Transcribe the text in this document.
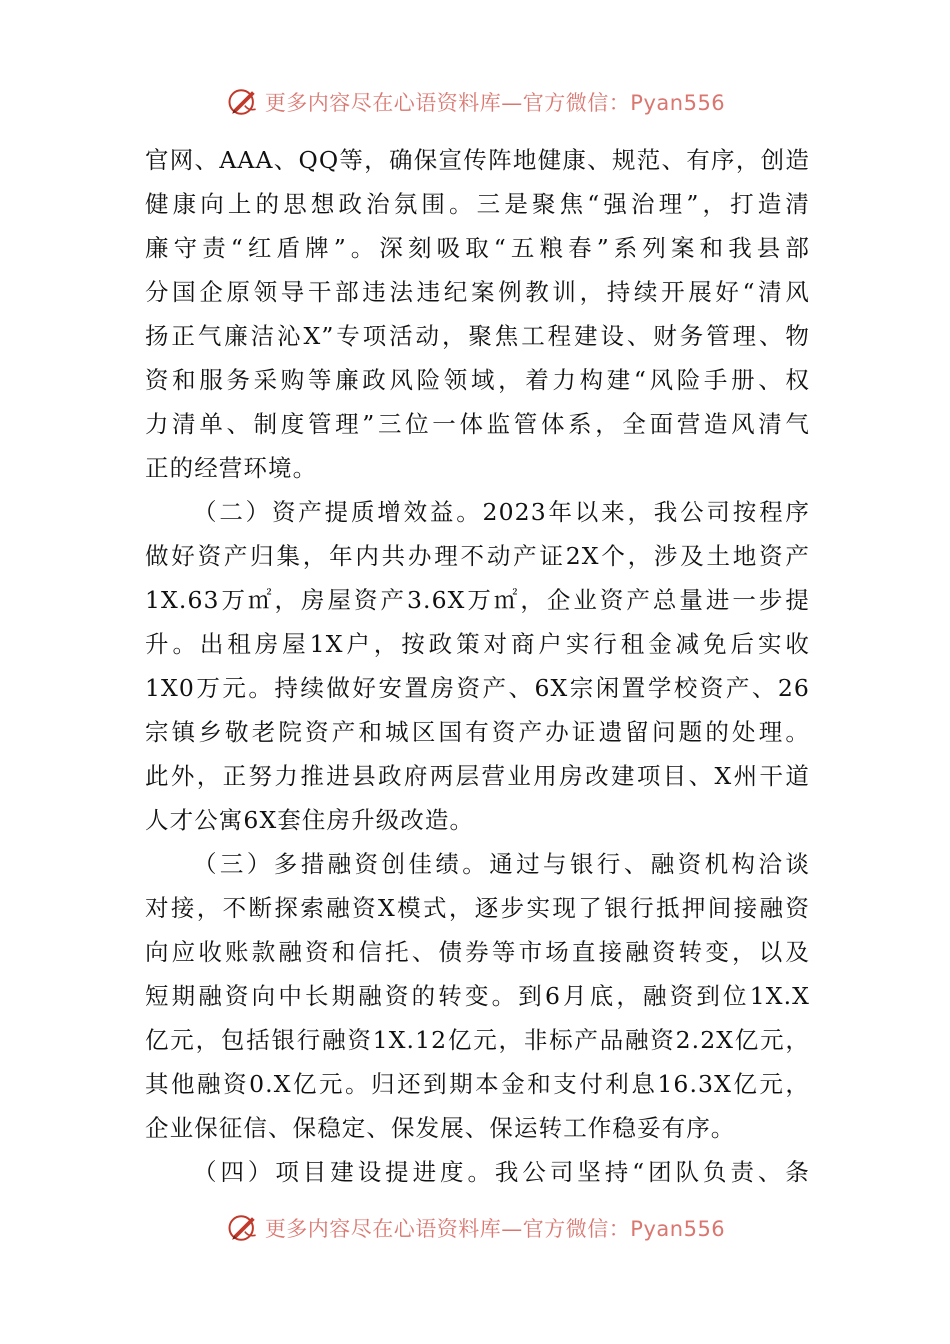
更多内容尽在心语资料库—官方微信：Pyan556
官网、AAA、QQ等，确保宣传阵地健康、规范、有序，创造
健康向上的思想政治氛围。三是聚焦“强治理”，打造清
廉守责“红盾牌”。深刻吸取“五粮春”系列案和我县部
分国企原领导干部违法违纪案例教训，持续开展好“清风
扬正气廉洁沁X”专项活动，聚焦工程建设、财务管理、物
资和服务采购等廉政风险领域，着力构建“风险手册、权
力清单、制度管理”三位一体监管体系，全面营造风清气
正的经营环境。
（二）资产提质增效益。2023年以来，我公司按程序
做好资产归集，年内共办理不动产证2X个，涉及土地资产
1X.63万㎡，房屋资产3.6X万㎡，企业资产总量进一步提
升。出租房屋1X户，按政策对商户实行租金减免后实收
1X0万元。持续做好安置房资产、6X宗闲置学校资产、26
宗镇乡敬老院资产和城区国有资产办证遗留问题的处理。
此外，正努力推进县政府两层营业用房改建项目、X州干道
人才公寓6X套住房升级改造。
（三）多措融资创佳绩。通过与银行、融资机构洽谈
对接，不断探索融资X模式，逐步实现了银行抵押间接融资
向应收账款融资和信托、债券等市场直接融资转变，以及
短期融资向中长期融资的转变。到6月底，融资到位1X.X
亿元，包括银行融资1X.12亿元，非标产品融资2.2X亿元，
其他融资0.X亿元。归还到期本金和支付利息16.3X亿元，
企业保征信、保稳定、保发展、保运转工作稳妥有序。
（四）项目建设提进度。我公司坚持“团队负责、条
更多内容尽在心语资料库—官方微信：Pyan556
